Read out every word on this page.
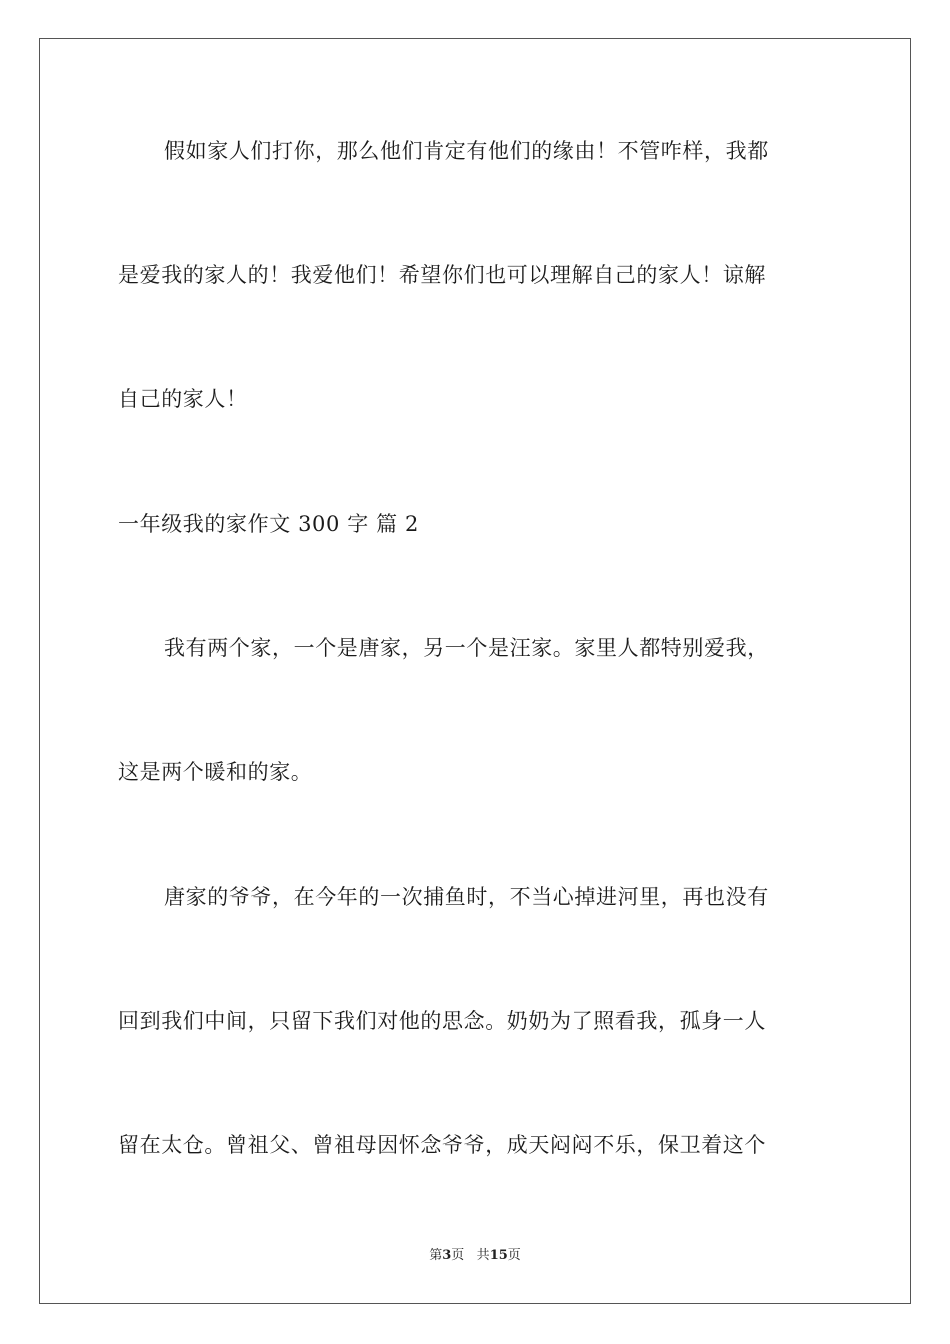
假如家人们打你，那么他们肯定有他们的缘由！不管咋样，我都
是爱我的家人的！我爱他们！希望你们也可以理解自己的家人！谅解
自己的家人！
一年级我的家作文 300 字 篇 2
我有两个家，一个是唐家，另一个是汪家。家里人都特别爱我，
这是两个暖和的家。
唐家的爷爷，在今年的一次捕鱼时，不当心掉进河里，再也没有
回到我们中间，只留下我们对他的思念。奶奶为了照看我，孤身一人
留在太仓。曾祖父、曾祖母因怀念爷爷，成天闷闷不乐，保卫着这个
第3页 共15页
